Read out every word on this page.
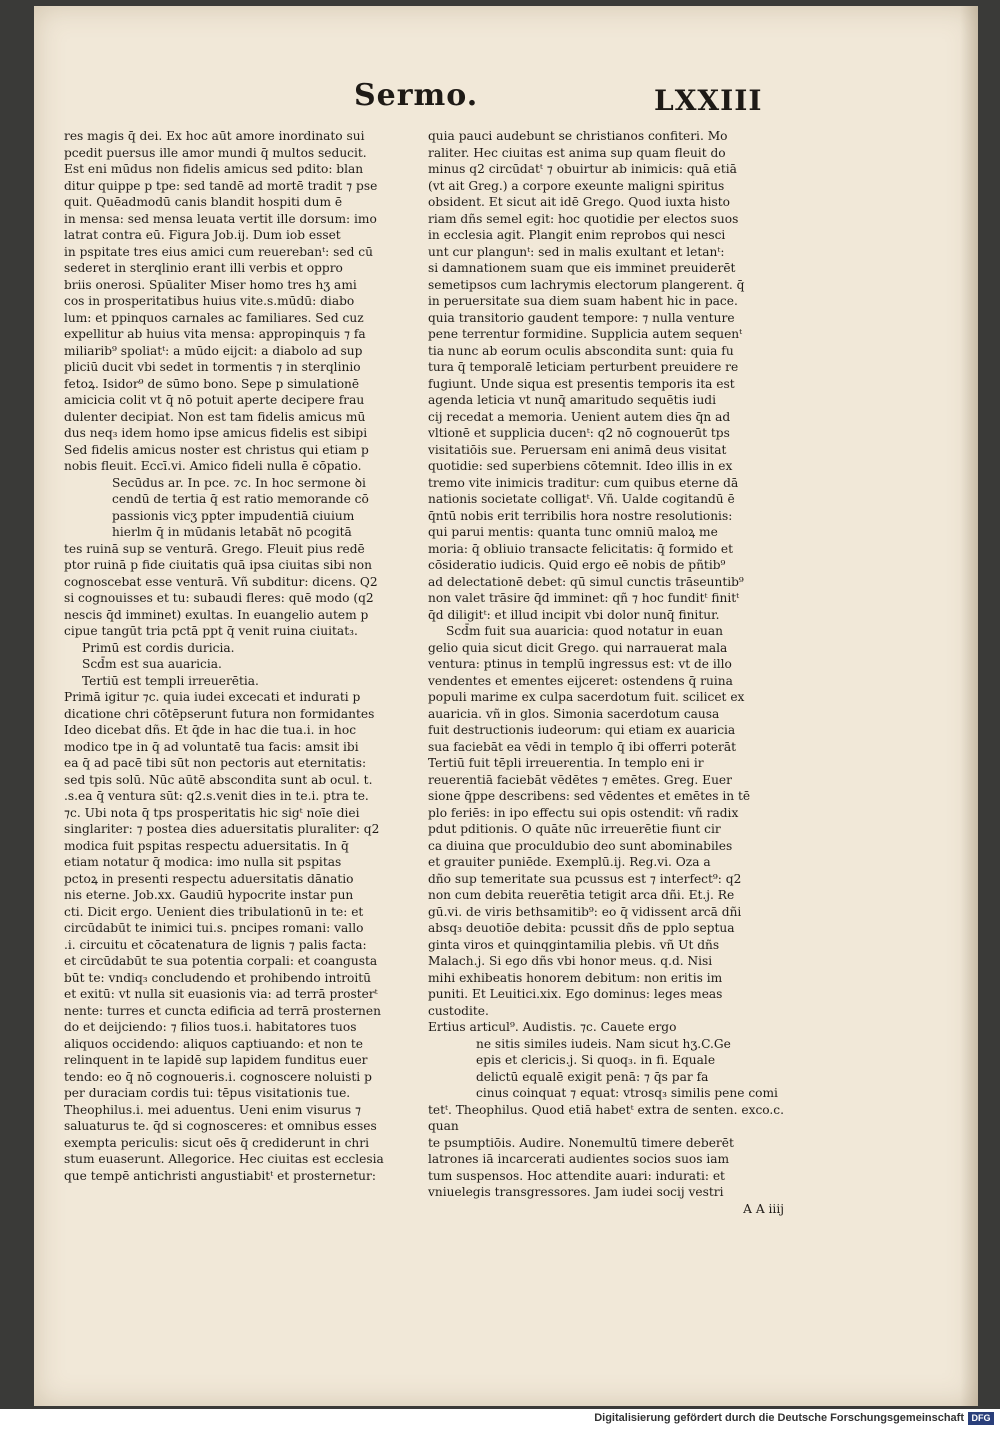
Sermo.	LXXIII

res magis q̄ dei. Ex hoc aūt amore inordinato sui

pcedit puersus ille amor mundi q̄ multos seducit.

Est eni mūdus non fidelis amicus sed pdito: blan

ditur quippe p tpe: sed tandē ad mortē tradit ⁊ pse

quit. Quēadmodū canis blandit hospiti dum ē

in mensa: sed mensa leuata vertit ille dorsum: imo

latrat contra eū. Figura Job.ij. Dum iob esset

in pspitate tres eius amici cum reuerebanᵗ: sed cū

sederet in sterqlinio erant illi verbis et oppro

briis onerosi. Spūaliter Miser homo tres hʒ ami

cos in prosperitatibus huius vite.s.mūdū: diabo

lum: et ppinquos carnales ac familiares. Sed cuz

expellitur ab huius vita mensa: appropinquis ⁊ fa

miliarib⁹ spoliatᵗ: a mūdo eijcit: a diabolo ad sup

pliciū ducit vbi sedet in tormentis ⁊ in sterqlinio

fetoꝝ. Isidor⁹ de sūmo bono. Sepe p simulationē

amicicia colit vt q̄ nō potuit aperte decipere frau

dulenter decipiat. Non est tam fidelis amicus mū

dus neq₃ idem homo ipse amicus fidelis est sibipi

Sed fidelis amicus noster est christus qui etiam p

nobis fleuit. Eccī.vi. Amico fideli nulla ē cōpatio.

Secūdus ar. In pce. ⁊c. In hoc sermone ꝺi

cendū de tertia q̄ est ratio memorande cō

passionis vicʒ ppter impudentiā ciuium

hierlm q̄ in mūdanis letabāt nō pcogitā

tes ruinā sup se venturā. Grego. Fleuit pius redē

ptor ruinā p fide ciuitatis quā ipsa ciuitas sibi non

cognoscebat esse venturā. Vñ subditur: dicens. Q2

si cognouisses et tu: subaudi fleres: quē modo (q2

nescis q̄d imminet) exultas. In euangelio autem p

cipue tangūt tria pctā ppt q̄ venit ruina ciuitat₃.

Primū est cordis duricia.

Scd̄m est sua auaricia.

Tertiū est templi irreuerētia.

Primā igitur ⁊c. quia iudei excecati et indurati p

dicatione chri cōtēpserunt futura non formidantes

Ideo dicebat dñs. Et q̄de in hac die tua.i. in hoc

modico tpe in q̄ ad voluntatē tua facis: amsit ibi

ea q̄ ad pacē tibi sūt non pectoris aut eternitatis:

sed tpis solū. Nūc aūtē abscondita sunt ab ocul. t.

.s.ea q̄ ventura sūt: q2.s.venit dies in te.i. ptra te.

⁊c. Ubi nota q̄ tps prosperitatis hic sigᵗ noīe diei

singlariter: ⁊ postea dies aduersitatis pluraliter: q2

modica fuit pspitas respectu aduersitatis. In q̄

etiam notatur q̄ modica: imo nulla sit pspitas

pctoꝝ in presenti respectu aduersitatis dānatio

nis eterne. Job.xx. Gaudiū hypocrite instar pun

cti. Dicit ergo. Uenient dies tribulationū in te: et

circūdabūt te inimici tui.s. pncipes romani: vallo

.i. circuitu et cōcatenatura de lignis ⁊ palis facta:

et circūdabūt te sua potentia corpali: et coangusta

būt te: vndiq₃ concludendo et prohibendo introitū

et exitū: vt nulla sit euasionis via: ad terrā prosterᵗ

nente: turres et cuncta edificia ad terrā prosternen

do et deijciendo: ⁊ filios tuos.i. habitatores tuos

aliquos occidendo: aliquos captiuando: et non te

relinquent in te lapidē sup lapidem funditus euer

tendo: eo q̄ nō cognoueris.i. cognoscere noluisti p

per duraciam cordis tui: tēpus visitationis tue.

Theophilus.i. mei aduentus. Ueni enim visurus ⁊

saluaturus te. q̄d si cognosceres: et omnibus esses

exempta periculis: sicut oēs q̄ crediderunt in chri

stum euaserunt. Allegorice. Hec ciuitas est ecclesia

que tempē antichristi angustiabitᵗ et prosternetur:

quia pauci audebunt se christianos confiteri. Mo

raliter. Hec ciuitas est anima sup quam fleuit do

minus q2 circūdatᵗ ⁊ obuirtur ab inimicis: quā etiā

(vt ait Greg.) a corpore exeunte maligni spiritus

obsident. Et sicut ait idē Grego. Quod iuxta histo

riam dñs semel egit: hoc quotidie per electos suos

in ecclesia agit. Plangit enim reprobos qui nesci

unt cur plangunᵗ: sed in malis exultant et letanᵗ:

si damnationem suam que eis imminet preuiderēt

semetipsos cum lachrymis electorum plangerent. q̄

in peruersitate sua diem suam habent hic in pace.

quia transitorio gaudent tempore: ⁊ nulla venture

pene terrentur formidine. Supplicia autem sequenᵗ

tia nunc ab eorum oculis abscondita sunt: quia fu

tura q̄ temporalē leticiam perturbent preuidere re

fugiunt. Unde siqua est presentis temporis ita est

agenda leticia vt nunq̄ amaritudo sequētis iudi

cij recedat a memoria. Uenient autem dies q̄n ad

vltionē et supplicia ducenᵗ: q2 nō cognouerūt tps

visitatiōis sue. Peruersam eni animā deus visitat

quotidie: sed superbiens cōtemnit. Ideo illis in ex

tremo vite inimicis traditur: cum quibus eterne dā

nationis societate colligatᵗ. Vñ. Ualde cogitandū ē

q̄ntū nobis erit terribilis hora nostre resolutionis:

qui parui mentis: quanta tunc omniū maloꝝ me

moria: q̄ obliuio transacte felicitatis: q̄ formido et

cōsideratio iudicis. Quid ergo eē nobis de pñtib⁹

ad delectationē debet: qū simul cunctis trāseuntib⁹

non valet trāsire q̄d imminet: qñ ⁊ hoc funditᵗ finitᵗ

q̄d diligitᵗ: et illud incipit vbi dolor nunq̄ finitur.

Scd̄m fuit sua auaricia: quod notatur in euan

gelio quia sicut dicit Grego. qui narrauerat mala

ventura: ptinus in templū ingressus est: vt de illo

vendentes et ementes eijceret: ostendens q̄ ruina

populi marime ex culpa sacerdotum fuit. scilicet ex

auaricia. vñ in glos. Simonia sacerdotum causa

fuit destructionis iudeorum: qui etiam ex auaricia

sua faciebāt ea vēdi in templo q̄ ibi offerri poterāt

Tertiū fuit tēpli irreuerentia. In templo eni ir

reuerentiā faciebāt vēdētes ⁊ emētes. Greg. Euer

sione q̄ppe describens: sed vēdentes et emētes in tē

plo feriēs: in ipo effectu sui opis ostendit: vñ radix

pdut pditionis. O quāte nūc irreuerētie fiunt cir

ca diuina que proculdubio deo sunt abominabiles

et grauiter puniēde. Exemplū.ij. Reg.vi. Oza a

dño sup temeritate sua pcussus est ⁊ interfect⁹: q2

non cum debita reuerētia tetigit arca dñi. Et.j. Re

gū.vi. de viris bethsamitib⁹: eo q̄ vidissent arcā dñi

absq₃ deuotiōe debita: pcussit dñs de pplo septua

ginta viros et quinqgintamilia plebis. vñ Ut dñs

Malach.j. Si ego dñs vbi honor meus. q.d. Nisi

mihi exhibeatis honorem debitum: non eritis im

puniti. Et Leuitici.xix. Ego dominus: leges meas

custodite.

Ertius articul⁹. Audistis. ⁊c. Cauete ergo

ne sitis similes iudeis. Nam sicut hʒ.C.Ge

epis et clericis.j. Si quoq₃. in fi. Equale

delictū equalē exigit penā: ⁊ q̄s par fa

cinus coinquat ⁊ equat: vtrosq₃ similis pene comi

tetᵗ. Theophilus. Quod etiā habetᵗ extra de senten. exco.c. quan

te psumptiōis. Audire. Nonemultū timere deberēt

latrones iā incarcerati audientes socios suos iam

tum suspensos. Hoc attendite auari: indurati: et

vniuelegis transgressores. Jam iudei socij vestri

A A iiij

Digitalisierung gefördert durch die Deutsche Forschungsgemeinschaft DFG
